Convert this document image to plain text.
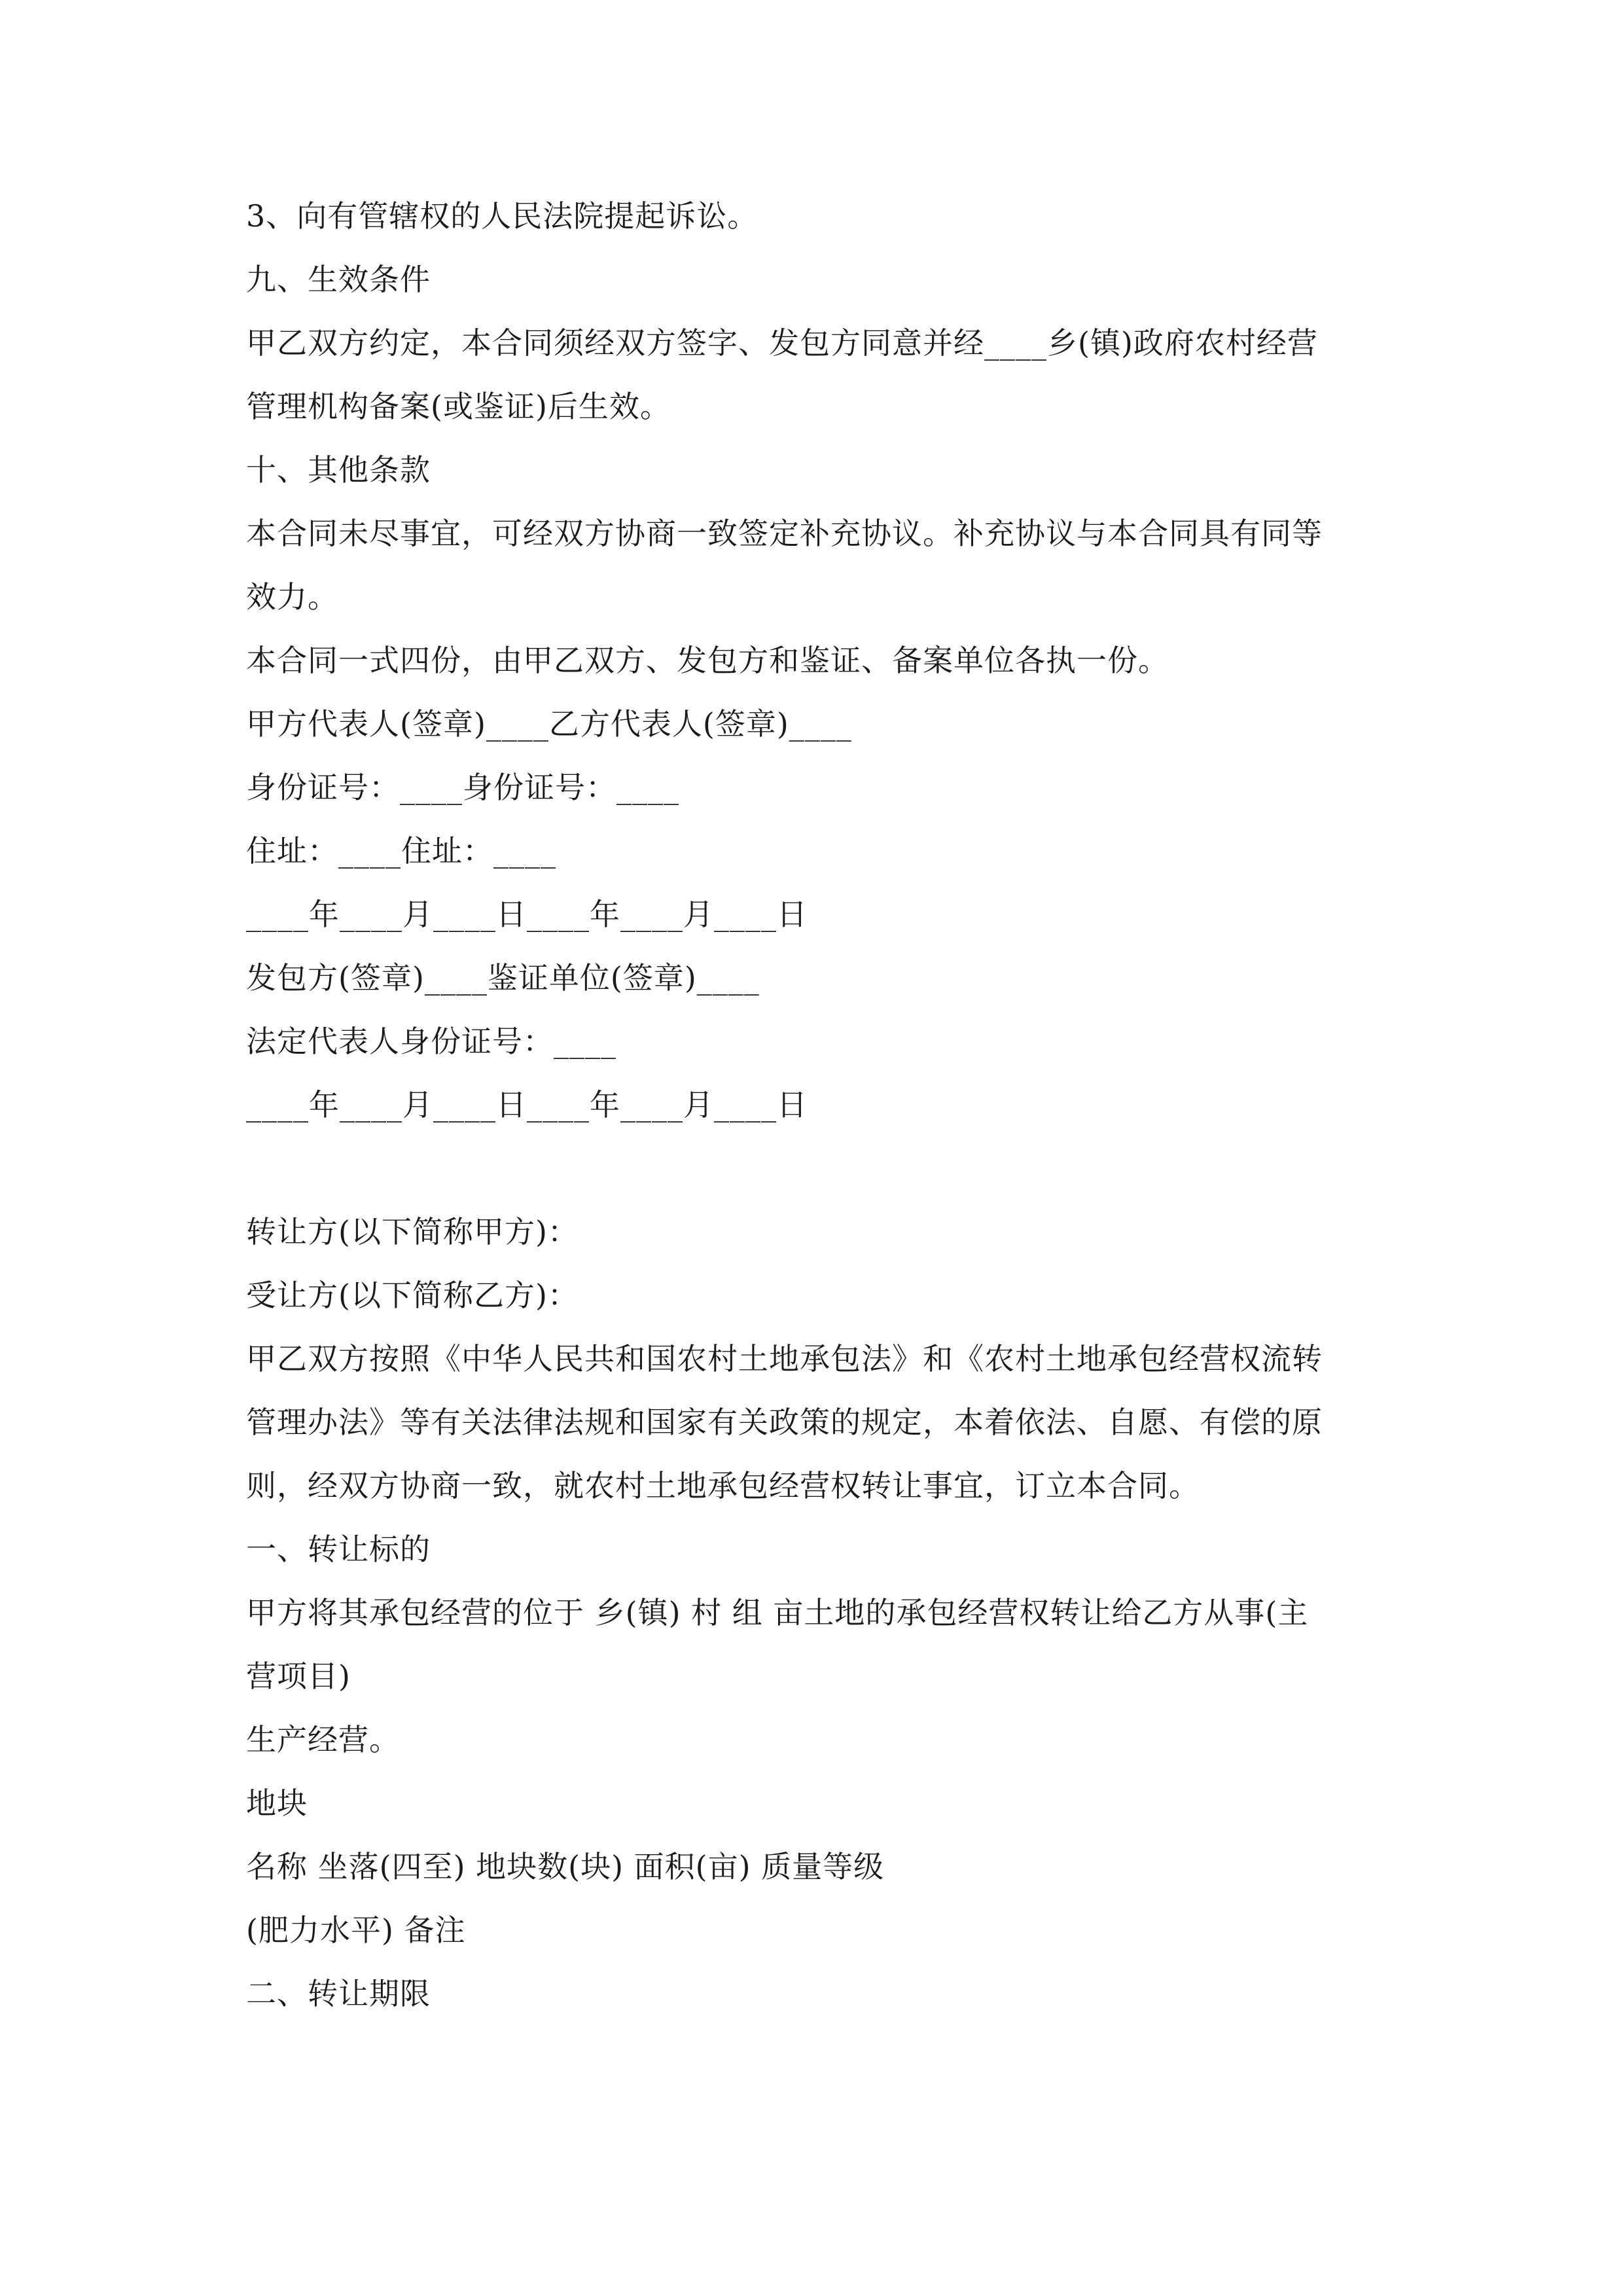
3、向有管辖权的人民法院提起诉讼。
九、生效条件
甲乙双方约定，本合同须经双方签字、发包方同意并经____乡(镇)政府农村经营
管理机构备案(或鉴证)后生效。
十、其他条款
本合同未尽事宜，可经双方协商一致签定补充协议。补充协议与本合同具有同等
效力。
本合同一式四份，由甲乙双方、发包方和鉴证、备案单位各执一份。
甲方代表人(签章)____乙方代表人(签章)____
身份证号：____身份证号：____
住址：____住址：____
____年____月____日____年____月____日
发包方(签章)____鉴证单位(签章)____
法定代表人身份证号：____
____年____月____日____年____月____日
转让方(以下简称甲方)：
受让方(以下简称乙方)：
甲乙双方按照《中华人民共和国农村土地承包法》和《农村土地承包经营权流转
管理办法》等有关法律法规和国家有关政策的规定，本着依法、自愿、有偿的原
则，经双方协商一致，就农村土地承包经营权转让事宜，订立本合同。
一、转让标的
甲方将其承包经营的位于 乡(镇) 村 组 亩土地的承包经营权转让给乙方从事(主
营项目)
生产经营。
地块
名称 坐落(四至) 地块数(块) 面积(亩) 质量等级
(肥力水平) 备注
二、转让期限
